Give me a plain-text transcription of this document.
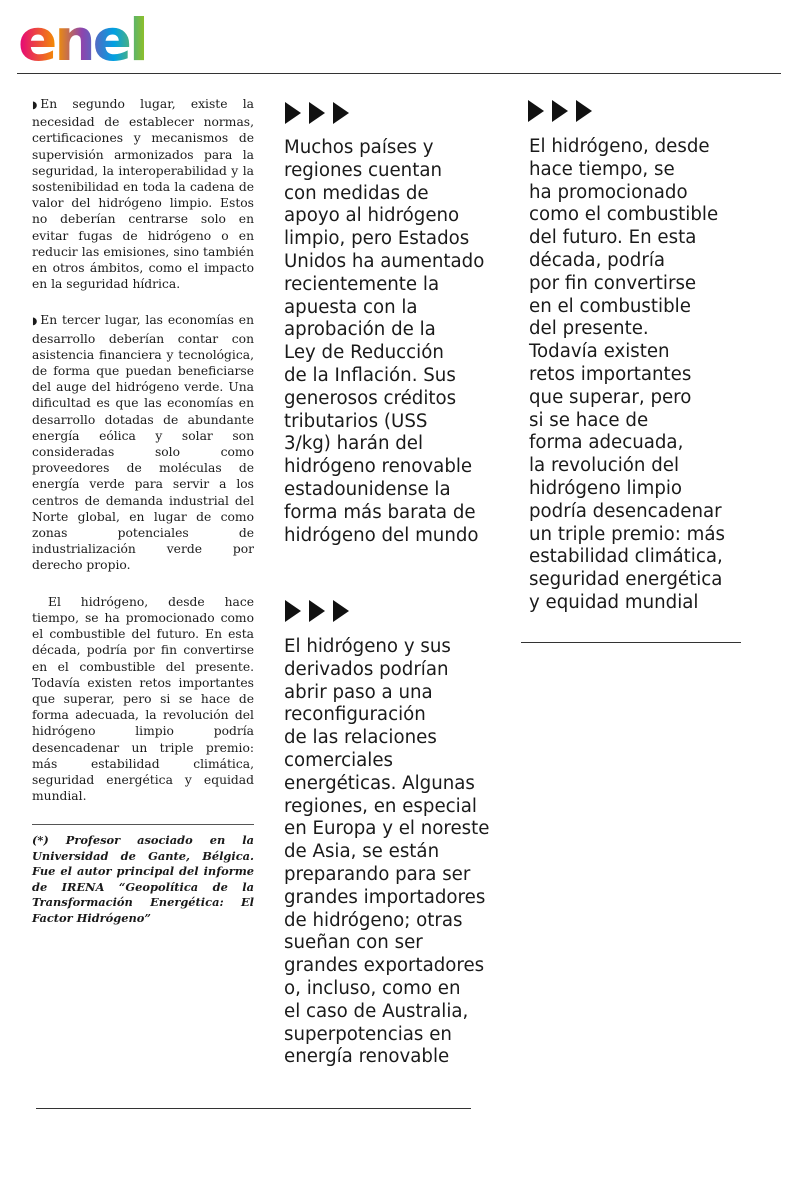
enel

◗ En segundo lugar, existe la necesidad de establecer normas, certificaciones y mecanismos de supervisión armonizados para la seguridad, la interoperabilidad y la sostenibilidad en toda la cadena de valor del hidrógeno limpio. Estos no deberían centrarse solo en evitar fugas de hidrógeno o en reducir las emisiones, sino también en otros ámbitos, como el impacto en la seguridad hídrica.

◗ En tercer lugar, las economías en desarrollo deberían contar con asistencia financiera y tecnológica, de forma que puedan beneficiarse del auge del hidrógeno verde. Una dificultad es que las economías en desarrollo dotadas de abundante energía eólica y solar son consideradas solo como proveedores de moléculas de energía verde para servir a los centros de demanda industrial del Norte global, en lugar de como zonas potenciales de industrialización verde por derecho propio.

El hidrógeno, desde hace tiempo, se ha promocionado como el combustible del futuro. En esta década, podría por fin convertirse en el combustible del presente. Todavía existen retos importantes que superar, pero si se hace de forma adecuada, la revolución del hidrógeno limpio podría desencadenar un triple premio: más estabilidad climática, seguridad energética y equidad mundial.

(*) Profesor asociado en la Universidad de Gante, Bélgica. Fue el autor principal del informe de IRENA “Geopolítica de la Transformación Energética: El Factor Hidrógeno”

Muchos países y
regiones cuentan
con medidas de
apoyo al hidrógeno
limpio, pero Estados
Unidos ha aumentado
recientemente la
apuesta con la
aprobación de la
Ley de Reducción
de la Inflación. Sus
generosos créditos
tributarios (USS
3/kg) harán del
hidrógeno renovable
estadounidense la
forma más barata de
hidrógeno del mundo
El hidrógeno y sus
derivados podrían
abrir paso a una
reconfiguración
de las relaciones
comerciales
energéticas. Algunas
regiones, en especial
en Europa y el noreste
de Asia, se están
preparando para ser
grandes importadores
de hidrógeno; otras
sueñan con ser
grandes exportadores
o, incluso, como en
el caso de Australia,
superpotencias en
energía renovable
El hidrógeno, desde
hace tiempo, se
ha promocionado
como el combustible
del futuro. En esta
década, podría
por fin convertirse
en el combustible
del presente.
Todavía existen
retos importantes
que superar, pero
si se hace de
forma adecuada,
la revolución del
hidrógeno limpio
podría desencadenar
un triple premio: más
estabilidad climática,
seguridad energética
y equidad mundial
